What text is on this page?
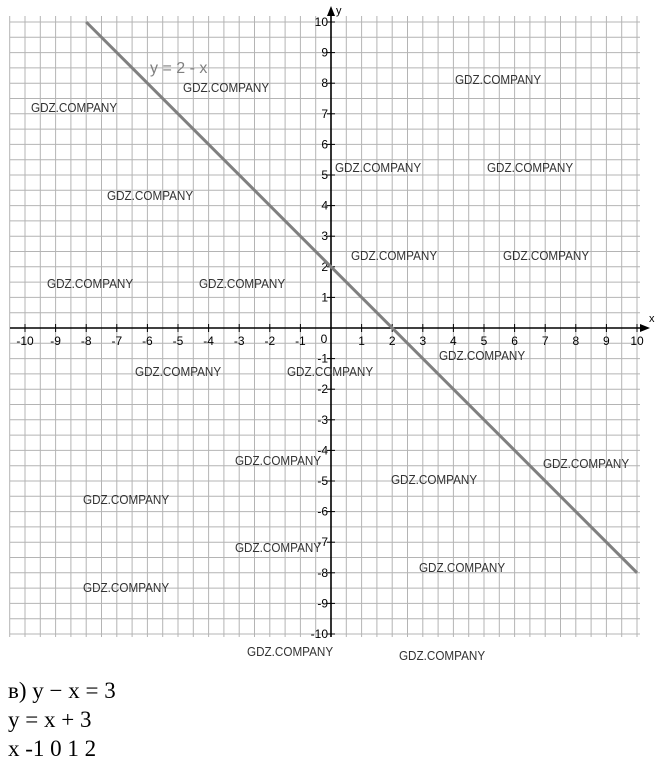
x
y
-10 -9 -8 -7 -6 -5 -4 -3 -2 -1	1 2 3 4 5 6 7 8 9 10
-10
-9
-8
-7
-6
-5
-4
-3
-2
-1
1
2
3
4
5
6
7
8
9
10
0
y = 2 - x
GDZ.COMPANY
GDZ.COMPANY
GDZ.COMPANY
GDZ.COMPANY	GDZ.COMPANY
GDZ.COMPANY
GDZ.COMPANY	GDZ.COMPANY
GDZ.COMPANY	GDZ.COMPANY
GDZ.COMPANY
GDZ.COMPANY	GDZ.COMPANY
GDZ.COMPANY	GDZ.COMPANY
GDZ.COMPANY
GDZ.COMPANY
GDZ.COMPANY
GDZ.COMPANY
GDZ.COMPANY
GDZ.COMPANY	GDZ.COMPANY
в) y − x = 3
y = x + 3
x -1 0 1 2
